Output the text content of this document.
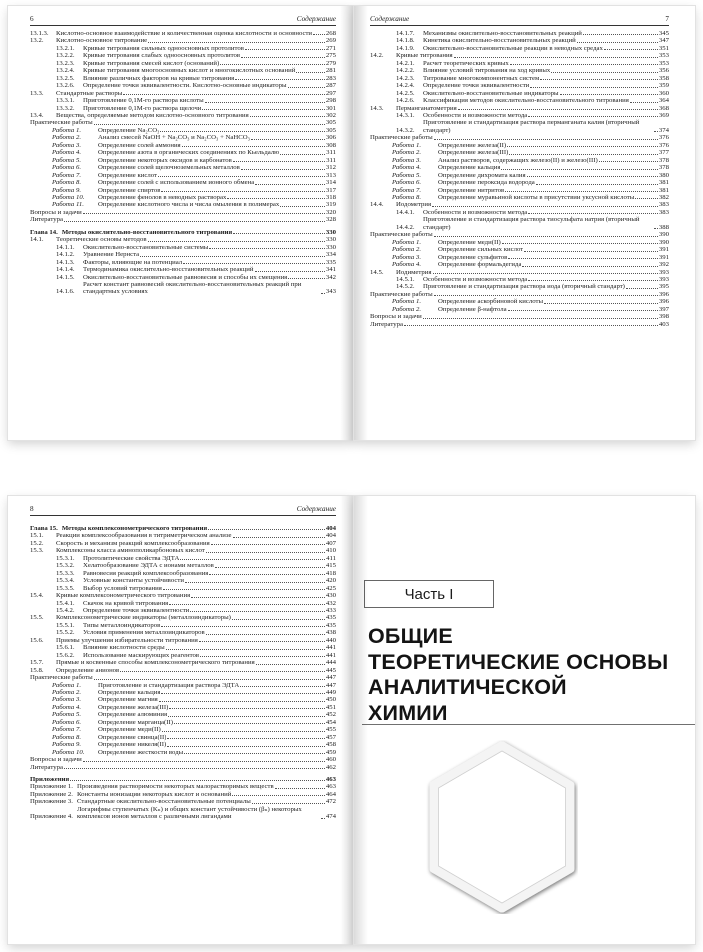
6	Содержание
13.1.3.	Кислотно-основное взаимодействие и количественная оценка кислотности и основности 268
13.2.	Кислотно-основное титрование	269
13.2.1.	Кривые титрования сильных одноосновных протолитов	271
13.2.2.	Кривые титрования слабых одноосновных протолитов	275
13.2.3.	Кривые титрования смесей кислот (оснований)	279
13.2.4.	Кривые титрования многоосновных кислот и многокислотных оснований	281
13.2.5.	Влияние различных факторов на кривые титрования	283
13.2.6.	Определение точки эквивалентности. Кислотно-основные индикаторы	287
13.3.	Стандартные растворы	297
13.3.1.	Приготовление 0,1М-го раствора кислоты	298
13.3.2.	Приготовление 0,1М-го раствора щелочи	301
13.4.	Вещества, определяемые методом кислотно-основного титрования	302
Практические работы	305
Работа 1.	Определение Na₂CO₃	305
Работа 2.	Анализ смесей NaOH + Na₂CO₃ и Na₂CO₃ + NaHCO₃	306
Работа 3.	Определение солей аммония	308
Работа 4.	Определение азота в органических соединениях по Кьельдалю	311
Работа 5.	Определение некоторых оксидов и карбонатов	311
Работа 6.	Определение солей щелочноземельных металлов	312
Работа 7.	Определение кислот	313
Работа 8.	Определение солей с использованием ионного обмена	314
Работа 9.	Определение спиртов	317
Работа 10.	Определение фенолов в неводных растворах	318
Работа 11.	Определение кислотного числа и числа омыления в полимерах	319
Вопросы и задачи	320
Литература	328
Глава 14. Методы окислительно-восстановительного титрования	330
14.1.	Теоретические основы методов	330
14.1.1.	Окислительно-восстановительные системы	330
14.1.2.	Уравнение Нернста	334
14.1.3.	Факторы, влияющие на потенциал	335
14.1.4.	Термодинамика окислительно-восстановительных реакций	341
14.1.5.	Окислительно-восстановительные равновесия и способы их смещения	342
14.1.6.
Расчет констант равновесий окислительно-восстановительных реакций при стандартных условиях	343
Содержание	7
14.1.7.	Механизмы окислительно-восстановительных реакций	345
14.1.8.	Кинетика окислительно-восстановительных реакций	347
14.1.9.	Окислительно-восстановительные реакции в неводных средах	351
14.2.	Кривые титрования	353
14.2.1.	Расчет теоретических кривых	353
14.2.2.	Влияние условий титрования на ход кривых	356
14.2.3.	Титрование многокомпонентных систем	358
14.2.4.	Определение точки эквивалентности	359
14.2.5.	Окислительно-восстановительные индикаторы	360
14.2.6.	Классификация методов окислительно-восстановительного титрования	364
14.3.	Перманганатометрия	368
14.3.1.	Особенности и возможности метода	369
14.3.2.
Приготовление и стандартизация раствора перманганата калия (вторичный стандарт)	374
Практические работы	376
Работа 1.	Определение железа(II)	376
Работа 2.	Определение железа(III)	377
Работа 3.	Анализ растворов, содержащих железо(II) и железо(III)	378
Работа 4.	Определение кальция	378
Работа 5.	Определение дихромата калия	380
Работа 6.	Определение пероксида водорода	381
Работа 7.	Определение нитритов	381
Работа 8.	Определение муравьиной кислоты в присутствии уксусной кислоты	382
14.4.	Иодометрия	383
14.4.1.	Особенности и возможности метода	383
14.4.2.
Приготовление и стандартизация раствора тиосульфата натрия (вторичный стандарт)	388
Практические работы	390
Работа 1.	Определение меди(II)	390
Работа 2.	Определение сильных кислот	391
Работа 3.	Определение сульфитов	391
Работа 4.	Определение формальдегида	392
14.5.	Иодиметрия	393
14.5.1.	Особенности и возможности метода	393
14.5.2.	Приготовление и стандартизация раствора иода (вторичный стандарт)	395
Практические работы	396
Работа 1.	Определение аскорбиновой кислоты	396
Работа 2.	Определение β-нафтола	397
Вопросы и задачи	398
Литература	403
8	Содержание
Глава 15. Методы комплексонометрического титрования	404
15.1.	Реакции комплексообразования в титриметрическом анализе	404
15.2.	Скорость и механизм реакций комплексообразования	407
15.3.	Комплексоны класса аминополикарбоновых кислот	410
15.3.1.	Протолитические свойства ЭДТА	411
15.3.2.	Хелатообразование ЭДТА с ионами металлов	415
15.3.3.	Равновесия реакций комплексообразования	418
15.3.4.	Условные константы устойчивости	420
15.3.5.	Выбор условий титрования	425
15.4.	Кривые комплексонометрического титрования	430
15.4.1.	Скачок на кривой титрования	432
15.4.2.	Определение точки эквивалентности	433
15.5.	Комплексонометрические индикаторы (металлоиндикаторы)	435
15.5.1.	Типы металлоиндикаторов	435
15.5.2.	Условия применения металлоиндикаторов	438
15.6.	Приемы улучшения избирательности титрования	440
15.6.1.	Влияние кислотности среды	441
15.6.2.	Использование маскирующих реагентов	441
15.7.	Прямые и косвенные способы комплексонометрического титрования	444
15.8.	Определение анионов	445
Практические работы	447
Работа 1.	Приготовление и стандартизация раствора ЭДТА	447
Работа 2.	Определение кальция	449
Работа 3.	Определение магния	450
Работа 4.	Определение железа(III)	451
Работа 5.	Определение алюминия	452
Работа 6.	Определение марганца(II)	454
Работа 7.	Определение меди(II)	455
Работа 8.	Определение свинца(II)	457
Работа 9.	Определение никеля(II)	458
Работа 10.	Определение жесткости воды	459
Вопросы и задачи	460
Литература	462
Приложения	463
Приложение 1. Произведения растворимости некоторых малорастворимых веществ	463
Приложение 2. Константы ионизации некоторых кислот и оснований	464
Приложение 3. Стандартные окислительно-восстановительные потенциалы	472
Приложение 4.
Логарифмы ступенчатых (Kₙ) и общих констант устойчивости (βₙ) некоторых комплексов ионов металлов с различными лигандами	474
Часть I
ОБЩИЕ
ТЕОРЕТИЧЕСКИЕ ОСНОВЫ
АНАЛИТИЧЕСКОЙ
ХИМИИ
